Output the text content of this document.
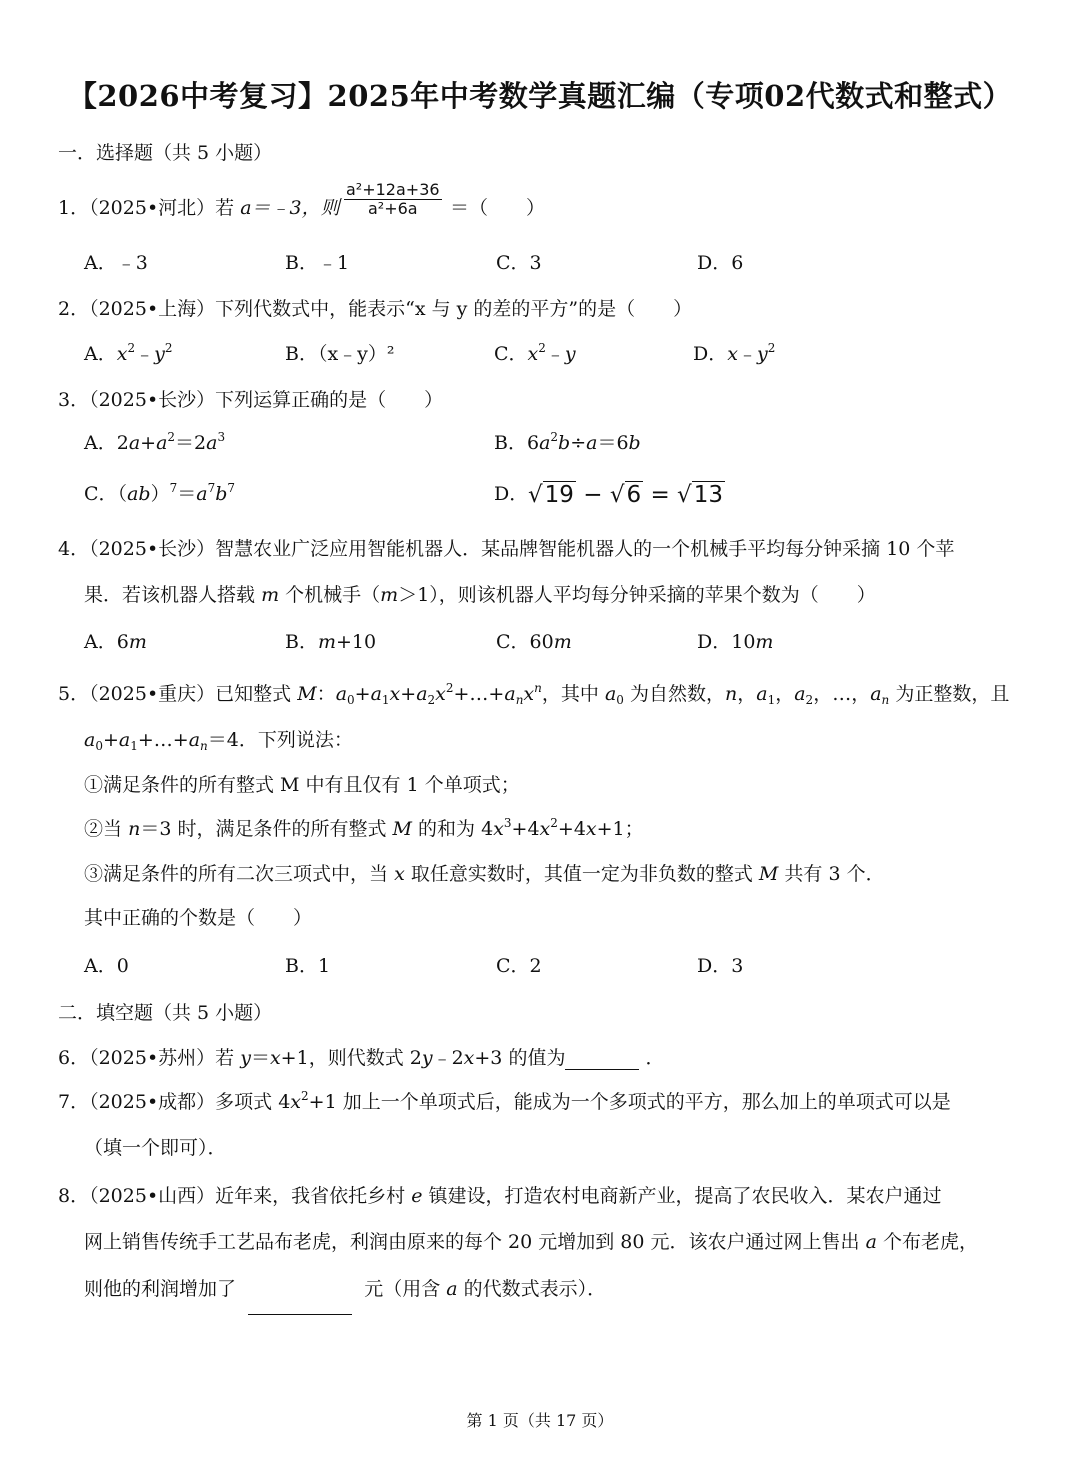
【2026中考复习】2025年中考数学真题汇编（专项02代数式和整式）
一．选择题（共 5 小题）
1．（2025•河北）若 a＝﹣3，则 $\frac{\text{a²+12a+36}}{\text{a²+6a}}$ ＝（　　）
A．﹣3	B．﹣1	C．3	D．6
2．（2025•上海）下列代数式中，能表示“x 与 y 的差的平方”的是（　　）
A．$x^2﹣y^2$	B．（x﹣y）²	C．$x^2﹣y$	D．$x﹣y^2$
3．（2025•长沙）下列运算正确的是（　　）
A．$2a+a^2=2a^3$	B．$6a^2b\div a=6b$
C．$(ab)^7=a^7b^7$	D． √19 − √6 = √13
4．（2025•长沙）智慧农业广泛应用智能机器人．某品牌智能机器人的一个机械手平均每分钟采摘 10 个苹
果．若该机器人搭载 m 个机械手（m＞1），则该机器人平均每分钟采摘的苹果个数为（　　）
A．6m	B．m+10	C．60m	D．10m
5．（2025•重庆）已知整式 M：$a_0+a_1x+a_2x^2+\dots+a_nx^n$，其中 $a_0$ 为自然数，n，$a_1$，$a_2$，…，$a_n$ 为正整数，且
$a_0+a_1+\dots+a_n=4$．下列说法：
①满足条件的所有整式 M 中有且仅有 1 个单项式；
②当 n＝3 时，满足条件的所有整式 M 的和为 $4x^3+4x^2+4x+1$；
③满足条件的所有二次三项式中，当 x 取任意实数时，其值一定为非负数的整式 M 共有 3 个．
其中正确的个数是（　　）
A．0	B．1	C．2	D．3
二．填空题（共 5 小题）
6．（2025•苏州）若 y＝x+1，则代数式 2y﹣2x+3 的值为	．
7．（2025•成都）多项式 $4x^2+1$ 加上一个单项式后，能成为一个多项式的平方，那么加上的单项式可以是
（填一个即可）．
8．（2025•山西）近年来，我省依托乡村 e 镇建设，打造农村电商新产业，提高了农民收入．某农户通过
网上销售传统手工艺品布老虎，利润由原来的每个 20 元增加到 80 元．该农户通过网上售出 a 个布老虎，
则他的利润增加了	元（用含 a 的代数式表示）．
第 1 页（共 17 页）
